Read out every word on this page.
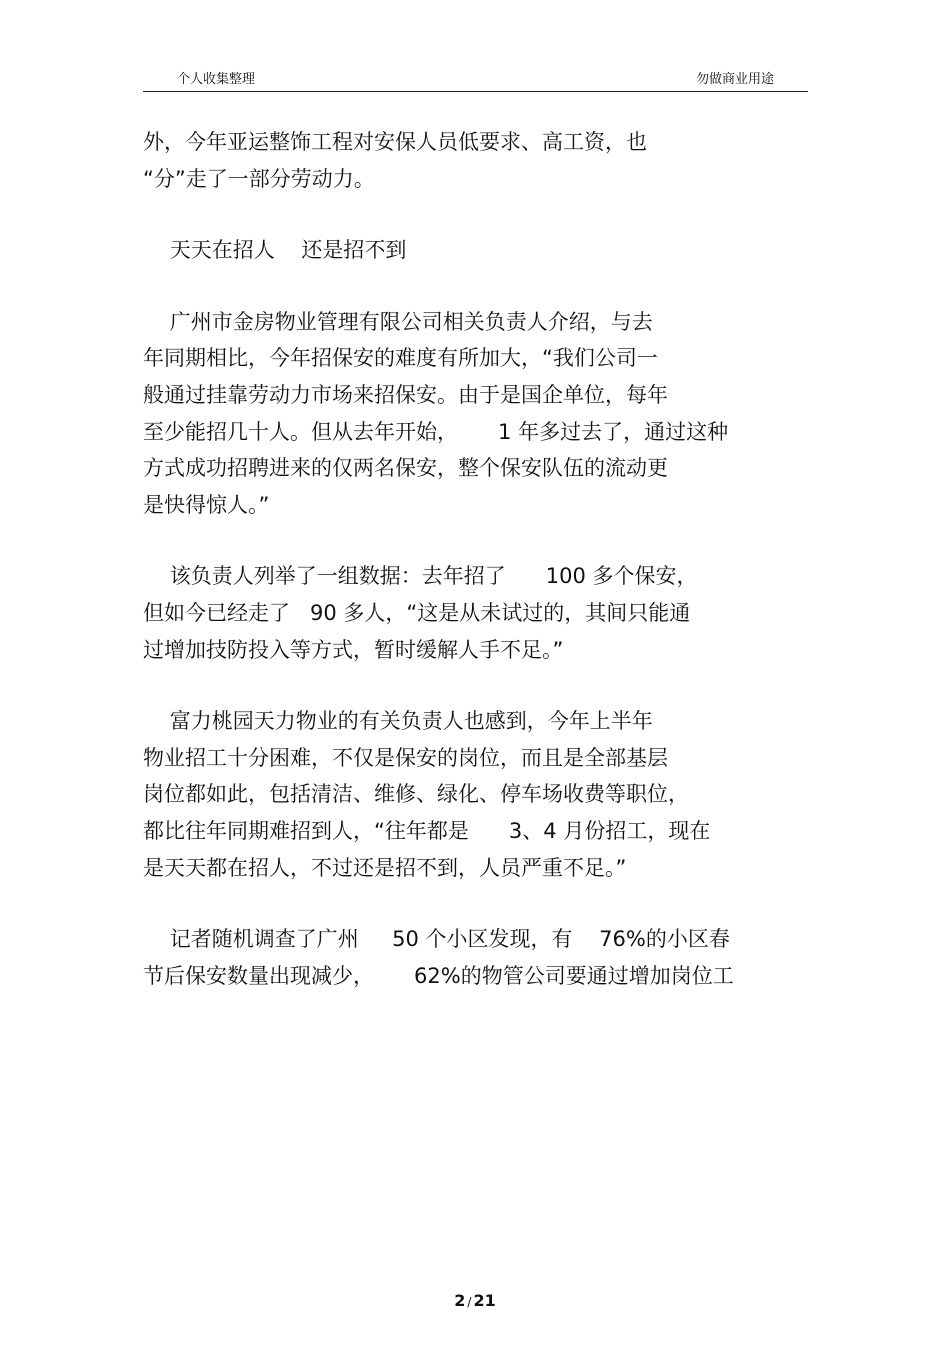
个人收集整理	勿做商业用途
外，今年亚运整饰工程对安保人员低要求、高工资，也
“分”走了一部分劳动力。
天天在招人    还是招不到
广州市金房物业管理有限公司相关负责人介绍，与去
年同期相比，今年招保安的难度有所加大，“我们公司一
般通过挂靠劳动力市场来招保安。由于是国企单位，每年
至少能招几十人。但从去年开始，      1 年多过去了，通过这种
方式成功招聘进来的仅两名保安，整个保安队伍的流动更
是快得惊人。”
该负责人列举了一组数据：去年招了      100 多个保安，
但如今已经走了   90 多人，“这是从未试过的，其间只能通
过增加技防投入等方式，暂时缓解人手不足。”
富力桃园天力物业的有关负责人也感到，今年上半年
物业招工十分困难，不仅是保安的岗位，而且是全部基层
岗位都如此，包括清洁、维修、绿化、停车场收费等职位，
都比往年同期难招到人，“往年都是      3、4 月份招工，现在
是天天都在招人，不过还是招不到，人员严重不足。”
记者随机调查了广州     50 个小区发现，有    76%的小区春
节后保安数量出现减少，      62%的物管公司要通过增加岗位工
2 / 21
